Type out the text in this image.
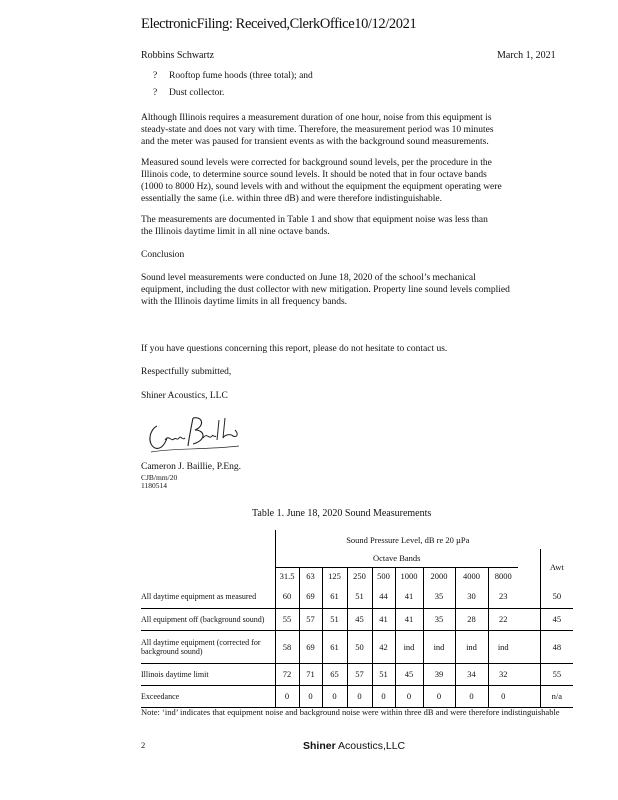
ElectronicFiling: Received,ClerkOffice10/12/2021
Robbins Schwartz	March 1, 2021
? Rooftop fume hoods (three total); and
? Dust collector.
Although Illinois requires a measurement duration of one hour, noise from this equipment is
steady-state and does not vary with time. Therefore, the measurement period was 10 minutes
and the meter was paused for transient events as with the background sound measurements.
Measured sound levels were corrected for background sound levels, per the procedure in the
Illinois code, to determine source sound levels. It should be noted that in four octave bands
(1000 to 8000 Hz), sound levels with and without the equipment the equipment operating were
essentially the same (i.e. within three dB) and were therefore indistinguishable.
The measurements are documented in Table 1 and show that equipment noise was less than
the Illinois daytime limit in all nine octave bands.
Conclusion
Sound level measurements were conducted on June 18, 2020 of the school’s mechanical
equipment, including the dust collector with new mitigation. Property line sound levels complied
with the Illinois daytime limits in all frequency bands.
If you have questions concerning this report, please do not hesitate to contact us.
Respectfully submitted,
Shiner Acoustics, LLC
Cameron J. Baillie, P.Eng.
CJB/mm/20
1180514
Table 1. June 18, 2020 Sound Measurements
	Sound Pressure Level, dB re 20 µPa										
	Octave Bands										Awt
	31.5	63	125	250	500	1000	2000	4000	8000		
All daytime equipment as measured	60	69	61	51	44	41	35	30	23		50
All equipment off (background sound)	55	57	51	45	41	41	35	28	22		45
All daytime equipment (corrected for background sound)	58	69	61	50	42	ind	ind	ind	ind		48
Illinois daytime limit	72	71	65	57	51	45	39	34	32		55
Exceedance	0	0	0	0	0	0	0	0	0		n/a
Note: ‘ind’ indicates that equipment noise and background noise were within three dB and were therefore indistinguishable
2	Shiner Acoustics,LLC
